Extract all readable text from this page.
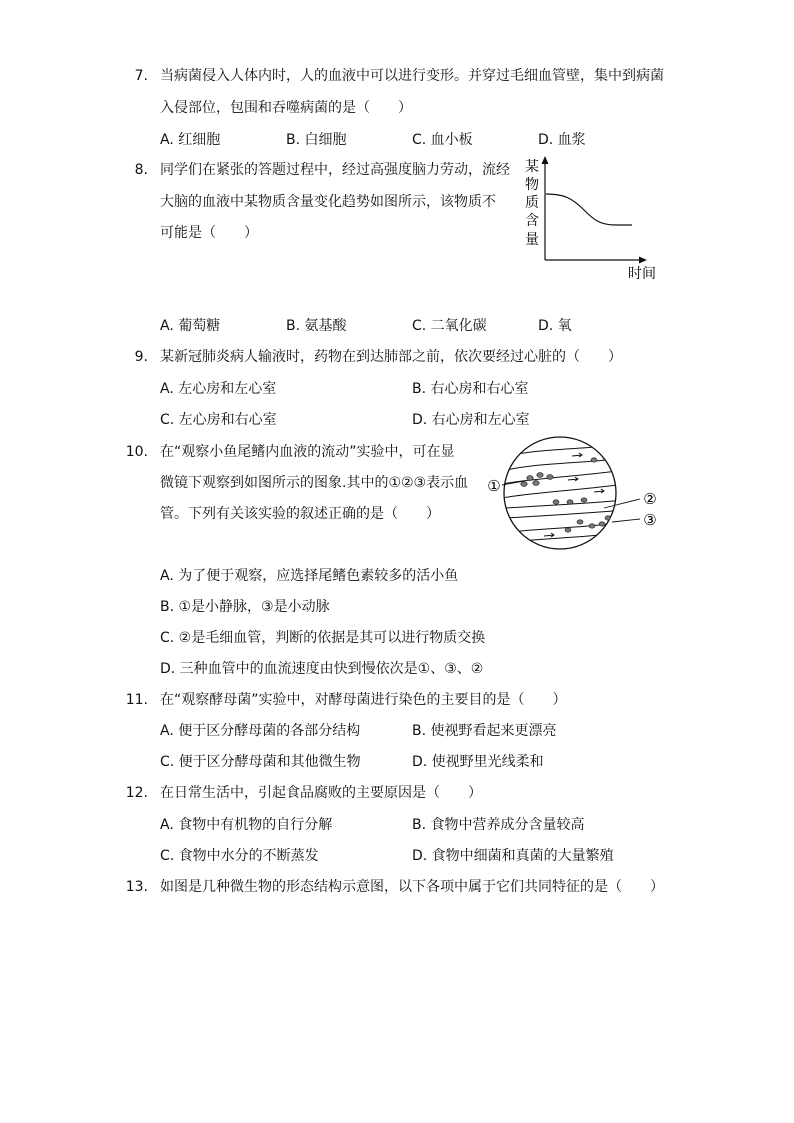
7. 当病菌侵入人体内时，人的血液中可以进行变形。并穿过毛细血管壁，集中到病菌
入侵部位，包围和吞噬病菌的是（　　）
A. 红细胞	B. 白细胞	C. 血小板	D. 血浆
8. 同学们在紧张的答题过程中，经过高强度脑力劳动，流经
大脑的血液中某物质含量变化趋势如图所示，该物质不
可能是（　　）
某
物
质
含
量
时间
A. 葡萄糖	B. 氨基酸	C. 二氧化碳	D. 氧
9. 某新冠肺炎病人输液时，药物在到达肺部之前，依次要经过心脏的（　　）
A. 左心房和左心室	B. 右心房和右心室
C. 左心房和右心室	D. 右心房和左心室
10. 在“观察小鱼尾鳍内血液的流动”实验中，可在显
微镜下观察到如图所示的图象.其中的①②③表示血
管。下列有关该实验的叙述正确的是（　　）
①
②
③
A. 为了便于观察，应选择尾鳍色素较多的活小鱼
B. ①是小静脉，③是小动脉
C. ②是毛细血管，判断的依据是其可以进行物质交换
D. 三种血管中的血流速度由快到慢依次是①、③、②
11. 在“观察酵母菌”实验中，对酵母菌进行染色的主要目的是（　　）
A. 便于区分酵母菌的各部分结构	B. 使视野看起来更漂亮
C. 便于区分酵母菌和其他微生物	D. 使视野里光线柔和
12. 在日常生活中，引起食品腐败的主要原因是（　　）
A. 食物中有机物的自行分解	B. 食物中营养成分含量较高
C. 食物中水分的不断蒸发	D. 食物中细菌和真菌的大量繁殖
13. 如图是几种微生物的形态结构示意图，以下各项中属于它们共同特征的是（　　）
